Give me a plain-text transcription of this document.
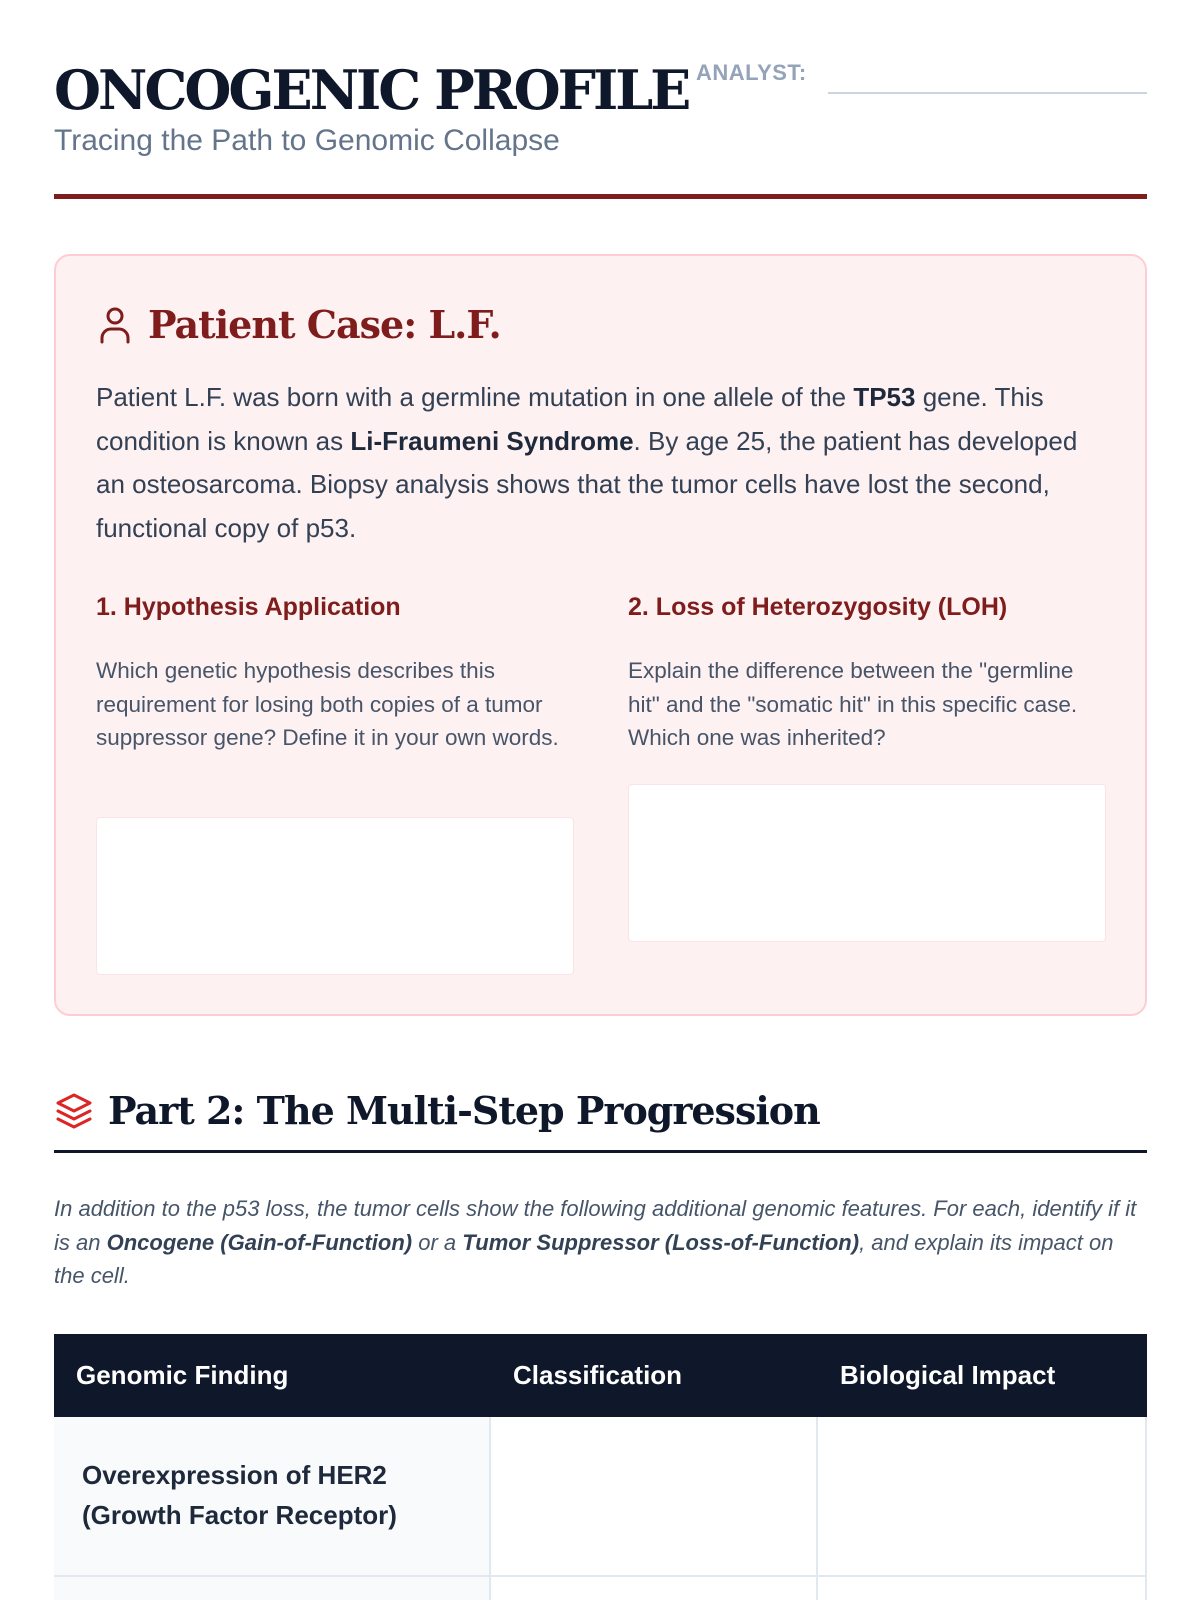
ONCOGENIC PROFILE
Tracing the Path to Genomic Collapse
ANALYST:
Patient Case: L.F.

Patient L.F. was born with a germline mutation in one allele of the TP53 gene. This condition is known as Li-Fraumeni Syndrome. By age 25, the patient has developed an osteosarcoma. Biopsy analysis shows that the tumor cells have lost the second, functional copy of p53.

1. Hypothesis Application

Which genetic hypothesis describes this requirement for losing both copies of a tumor suppressor gene? Define it in your own words.

2. Loss of Heterozygosity (LOH)

Explain the difference between the "germline hit" and the "somatic hit" in this specific case. Which one was inherited?

Part 2: The Multi-Step Progression

In addition to the p53 loss, the tumor cells show the following additional genomic features. For each, identify if it is an Oncogene (Gain-of-Function) or a Tumor Suppressor (Loss-of-Function), and explain its impact on the cell.

Genomic Finding	Classification	Biological Impact
Overexpression of HER2
(Growth Factor Receptor)
